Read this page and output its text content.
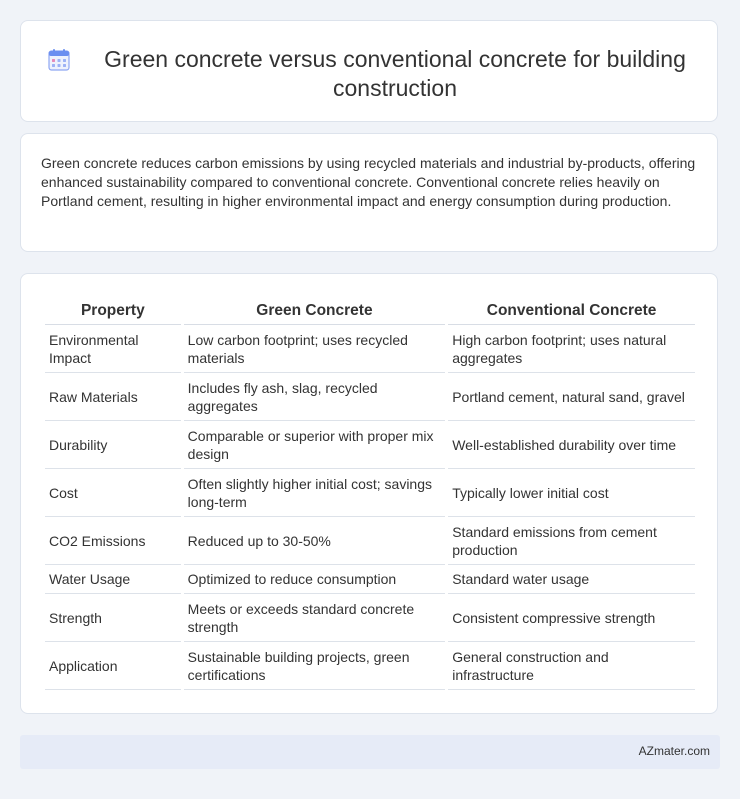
Green concrete versus conventional concrete for building construction

Green concrete reduces carbon emissions by using recycled materials and industrial by-products, offering enhanced sustainability compared to conventional concrete. Conventional concrete relies heavily on Portland cement, resulting in higher environmental impact and energy consumption during production.

Property	Green Concrete	Conventional Concrete
Environmental Impact	Low carbon footprint; uses recycled materials	High carbon footprint; uses natural aggregates
Raw Materials	Includes fly ash, slag, recycled aggregates	Portland cement, natural sand, gravel
Durability	Comparable or superior with proper mix design	Well-established durability over time
Cost	Often slightly higher initial cost; savings long-term	Typically lower initial cost
CO2 Emissions	Reduced up to 30-50%	Standard emissions from cement production
Water Usage	Optimized to reduce consumption	Standard water usage
Strength	Meets or exceeds standard concrete strength	Consistent compressive strength
Application	Sustainable building projects, green certifications	General construction and infrastructure
AZmater.com
